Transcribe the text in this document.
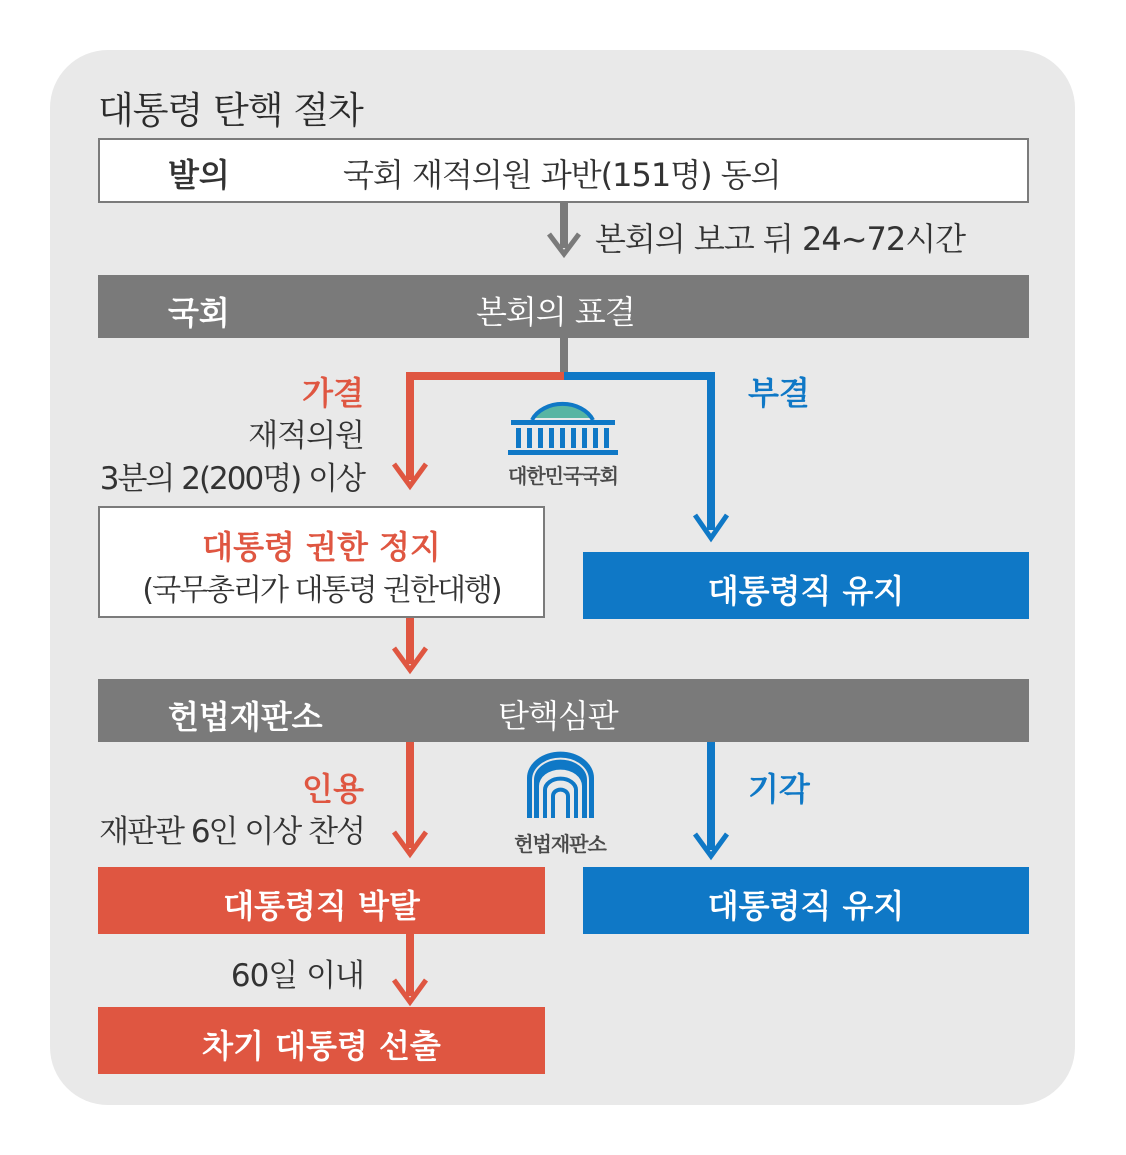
대통령 탄핵 절차
발의	국회 재적의원 과반(151명) 동의
본회의 보고 뒤 24~72시간
국회	본회의 표결
가결
재적의원
3분의 2(200명) 이상
부결
대한민국국회
대통령 권한 정지
(국무총리가 대통령 권한대행)	대통령직 유지
헌법재판소	탄핵심판
인용
재판관 6인 이상 찬성
기각
헌법재판소
대통령직 박탈	대통령직 유지
60일 이내
차기 대통령 선출
